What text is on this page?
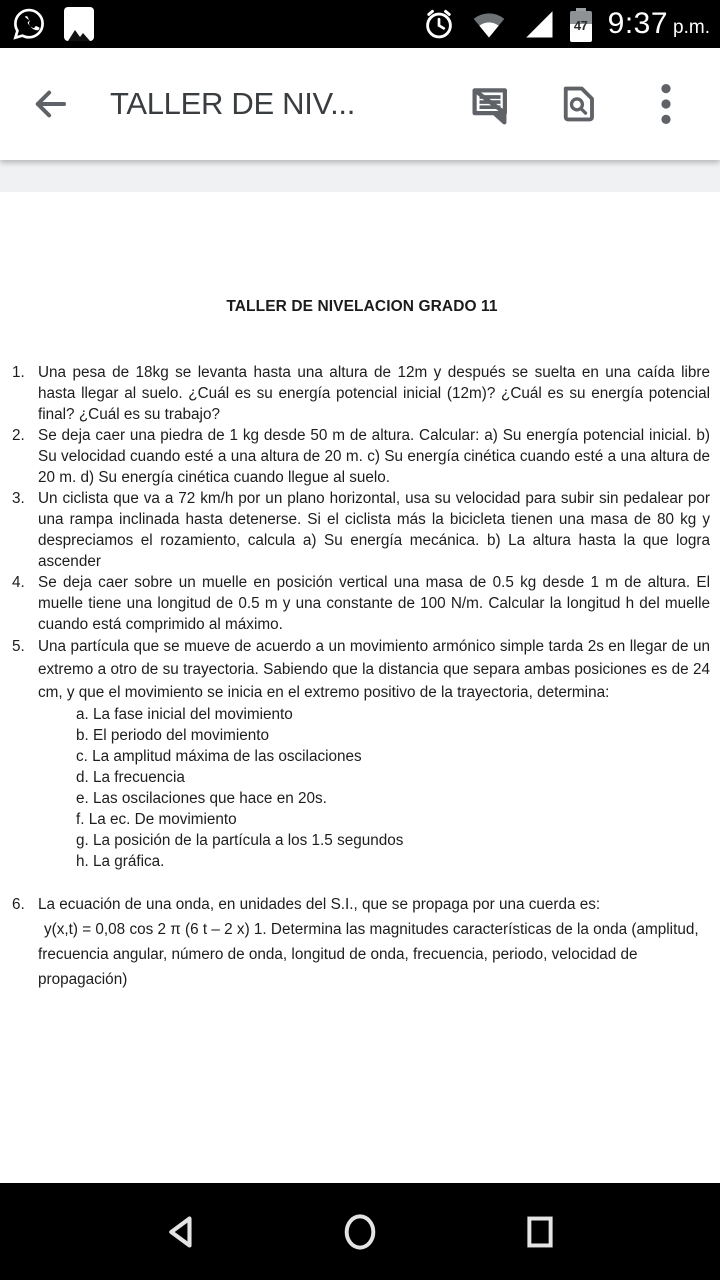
47 9:37 p.m.
TALLER DE NIV...
TALLER DE NIVELACION GRADO 11
1. Una pesa de 18kg se levanta hasta una altura de 12m y después se suelta en una caída libre hasta llegar al suelo. ¿Cuál es su energía potencial inicial (12m)? ¿Cuál es su energía potencial final? ¿Cuál es su trabajo?
2. Se deja caer una piedra de 1 kg desde 50 m de altura. Calcular: a) Su energía potencial inicial. b) Su velocidad cuando esté a una altura de 20 m. c) Su energía cinética cuando esté a una altura de 20 m. d) Su energía cinética cuando llegue al suelo.
3. Un ciclista que va a 72 km/h por un plano horizontal, usa su velocidad para subir sin pedalear por una rampa inclinada hasta detenerse. Si el ciclista más la bicicleta tienen una masa de 80 kg y despreciamos el rozamiento, calcula a) Su energía mecánica. b) La altura hasta la que logra ascender
4. Se deja caer sobre un muelle en posición vertical una masa de 0.5 kg desde 1 m de altura. El muelle tiene una longitud de 0.5 m y una constante de 100 N/m. Calcular la longitud h del muelle cuando está comprimido al máximo.
5. Una partícula que se mueve de acuerdo a un movimiento armónico simple tarda 2s en llegar de un extremo a otro de su trayectoria. Sabiendo que la distancia que separa ambas posiciones es de 24 cm, y que el movimiento se inicia en el extremo positivo de la trayectoria, determina:
a. La fase inicial del movimiento
b. El periodo del movimiento
c. La amplitud máxima de las oscilaciones
d. La frecuencia
e. Las oscilaciones que hace en 20s.
f. La ec. De movimiento
g. La posición de la partícula a los 1.5 segundos
h. La gráfica.
6. La ecuación de una onda, en unidades del S.I., que se propaga por una cuerda es:
y(x,t) = 0,08 cos 2 π (6 t – 2 x) 1. Determina las magnitudes características de la onda (amplitud, frecuencia angular, número de onda, longitud de onda, frecuencia, periodo, velocidad de propagación)
